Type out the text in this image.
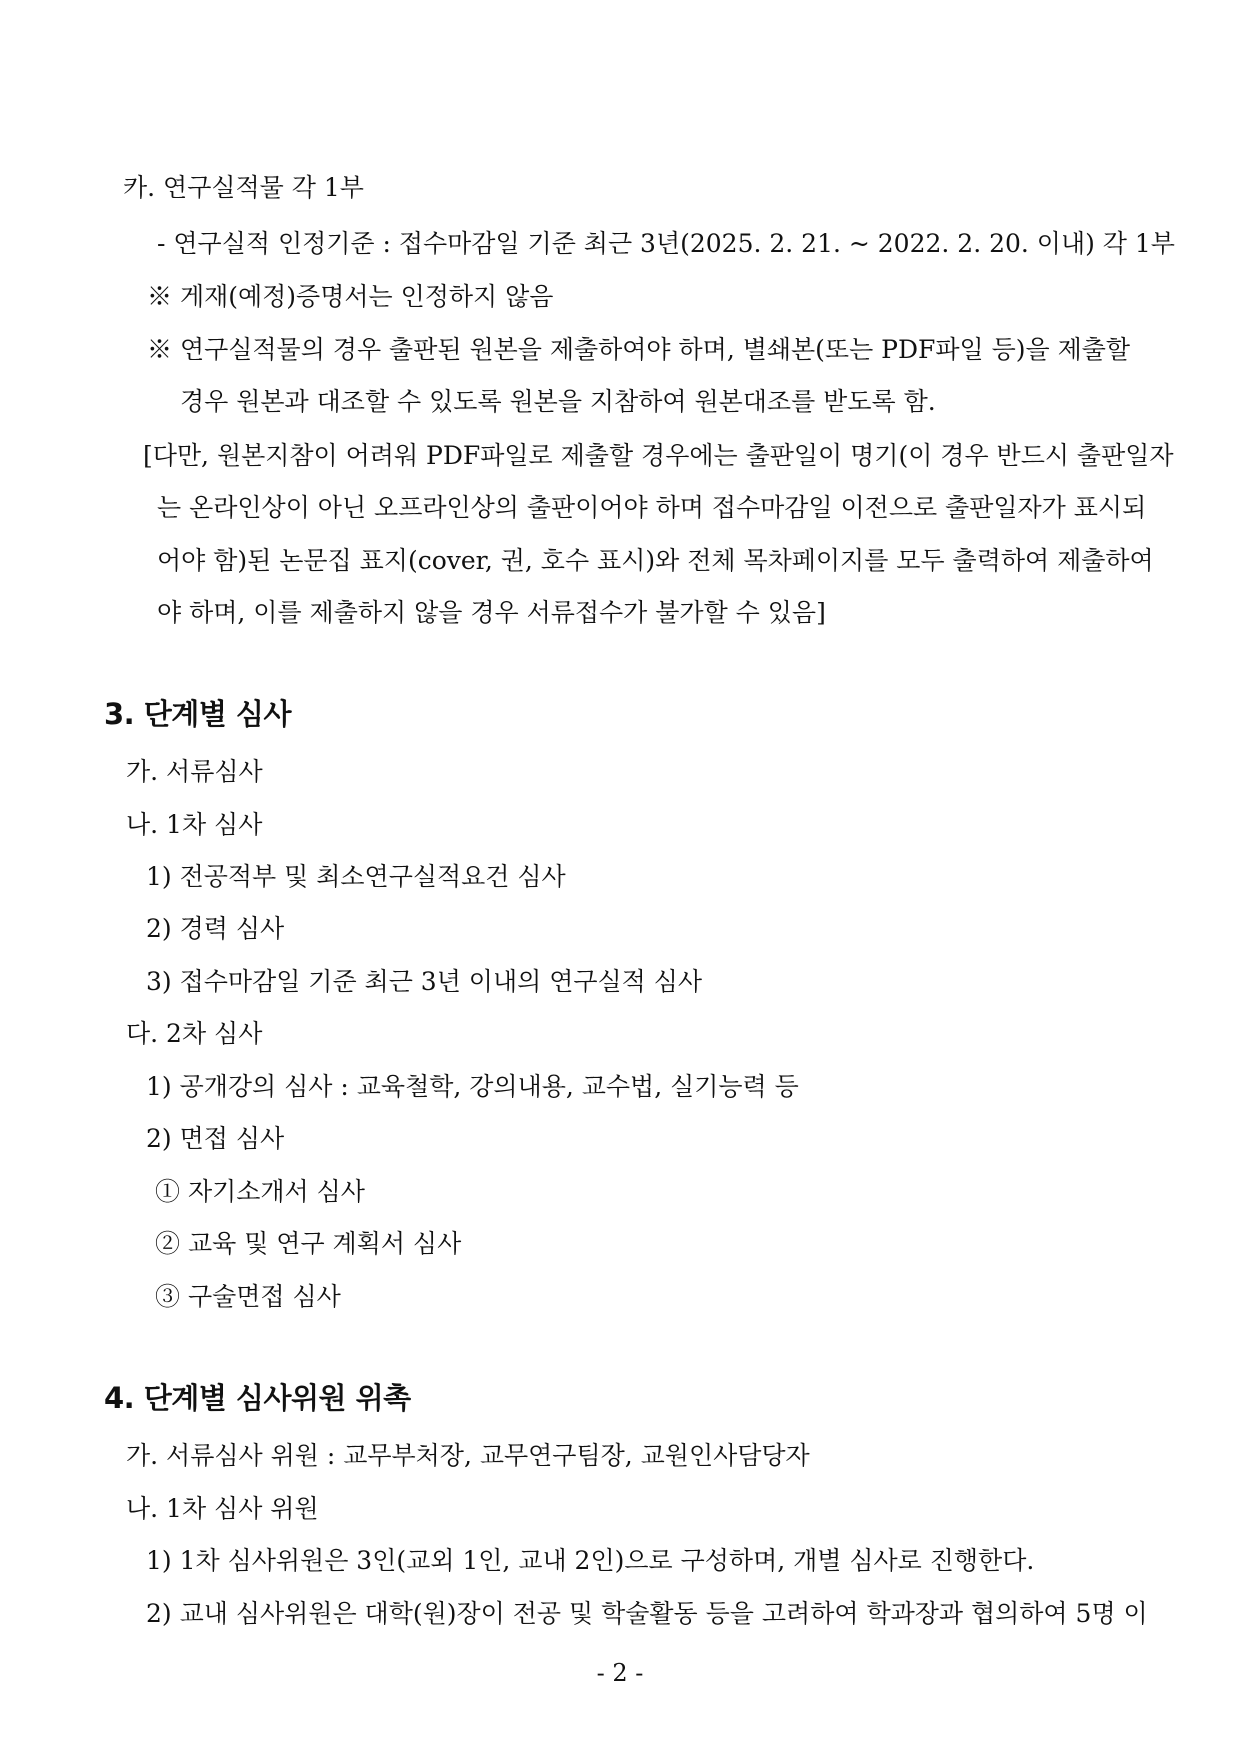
카. 연구실적물 각 1부
- 연구실적 인정기준 : 접수마감일 기준 최근 3년(2025. 2. 21. ~ 2022. 2. 20. 이내) 각 1부
※ 게재(예정)증명서는 인정하지 않음
※ 연구실적물의 경우 출판된 원본을 제출하여야 하며, 별쇄본(또는 PDF파일 등)을 제출할
경우 원본과 대조할 수 있도록 원본을 지참하여 원본대조를 받도록 함.
[다만, 원본지참이 어려워 PDF파일로 제출할 경우에는 출판일이 명기(이 경우 반드시 출판일자
는 온라인상이 아닌 오프라인상의 출판이어야 하며 접수마감일 이전으로 출판일자가 표시되
어야 함)된 논문집 표지(cover, 권, 호수 표시)와 전체 목차페이지를 모두 출력하여 제출하여
야 하며, 이를 제출하지 않을 경우 서류접수가 불가할 수 있음]
3. 단계별 심사
가. 서류심사
나. 1차 심사
1) 전공적부 및 최소연구실적요건 심사
2) 경력 심사
3) 접수마감일 기준 최근 3년 이내의 연구실적 심사
다. 2차 심사
1) 공개강의 심사 : 교육철학, 강의내용, 교수법, 실기능력 등
2) 면접 심사
① 자기소개서 심사
② 교육 및 연구 계획서 심사
③ 구술면접 심사
4. 단계별 심사위원 위촉
가. 서류심사 위원 : 교무부처장, 교무연구팀장, 교원인사담당자
나. 1차 심사 위원
1) 1차 심사위원은 3인(교외 1인, 교내 2인)으로 구성하며, 개별 심사로 진행한다.
2) 교내 심사위원은 대학(원)장이 전공 및 학술활동 등을 고려하여 학과장과 협의하여 5명 이
- 2 -
